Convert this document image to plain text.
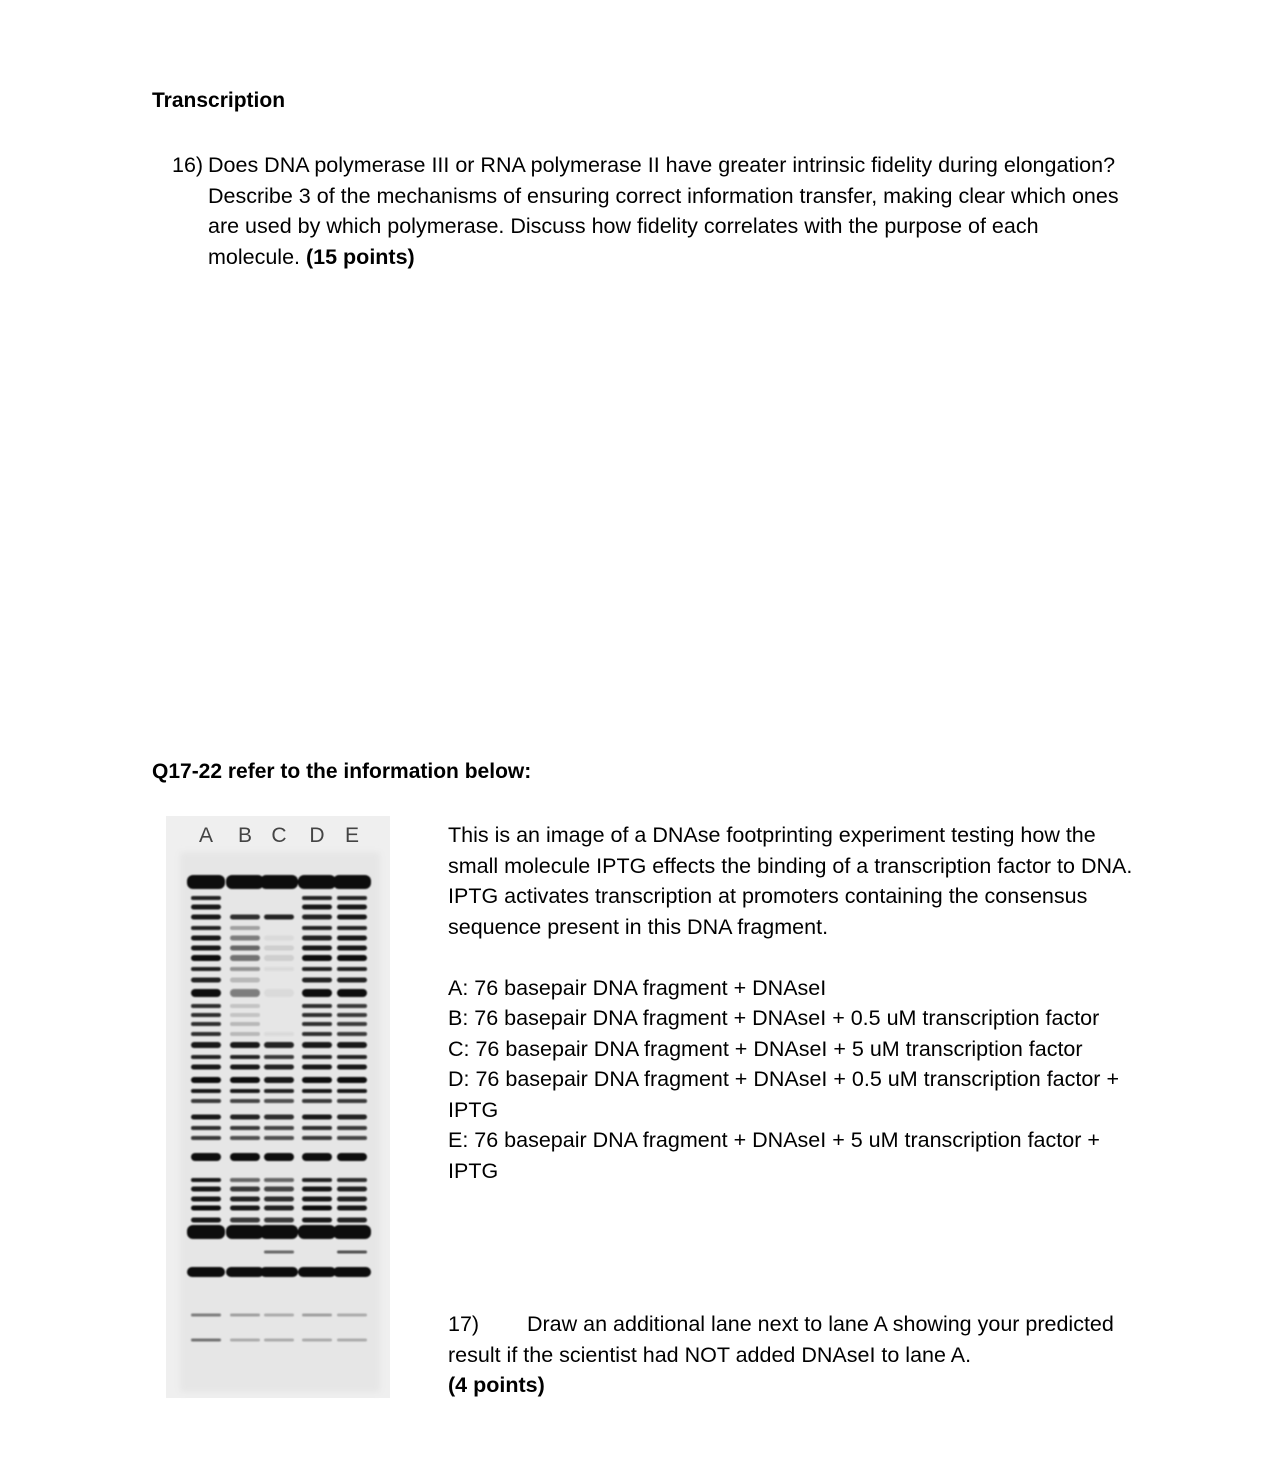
Transcription
16) Does DNA polymerase III or RNA polymerase II have greater intrinsic fidelity during elongation? Describe 3 of the mechanisms of ensuring correct information transfer, making clear which ones are used by which polymerase. Discuss how fidelity correlates with the purpose of each molecule. (15 points)
Q17-22 refer to the information below:
A B C D E	This is an image of a DNAse footprinting experiment testing how the small molecule IPTG effects the binding of a transcription factor to DNA. IPTG activates transcription at promoters containing the consensus sequence present in this DNA fragment.

A: 76 basepair DNA fragment + DNAseI

B: 76 basepair DNA fragment + DNAseI + 0.5 uM transcription factor

C: 76 basepair DNA fragment + DNAseI + 5 uM transcription factor

D: 76 basepair DNA fragment + DNAseI + 0.5 uM transcription factor + IPTG

E: 76 basepair DNA fragment + DNAseI + 5 uM transcription factor + IPTG

17) Draw an additional lane next to lane A showing your predicted result if the scientist had NOT added DNAseI to lane A.
(4 points)
